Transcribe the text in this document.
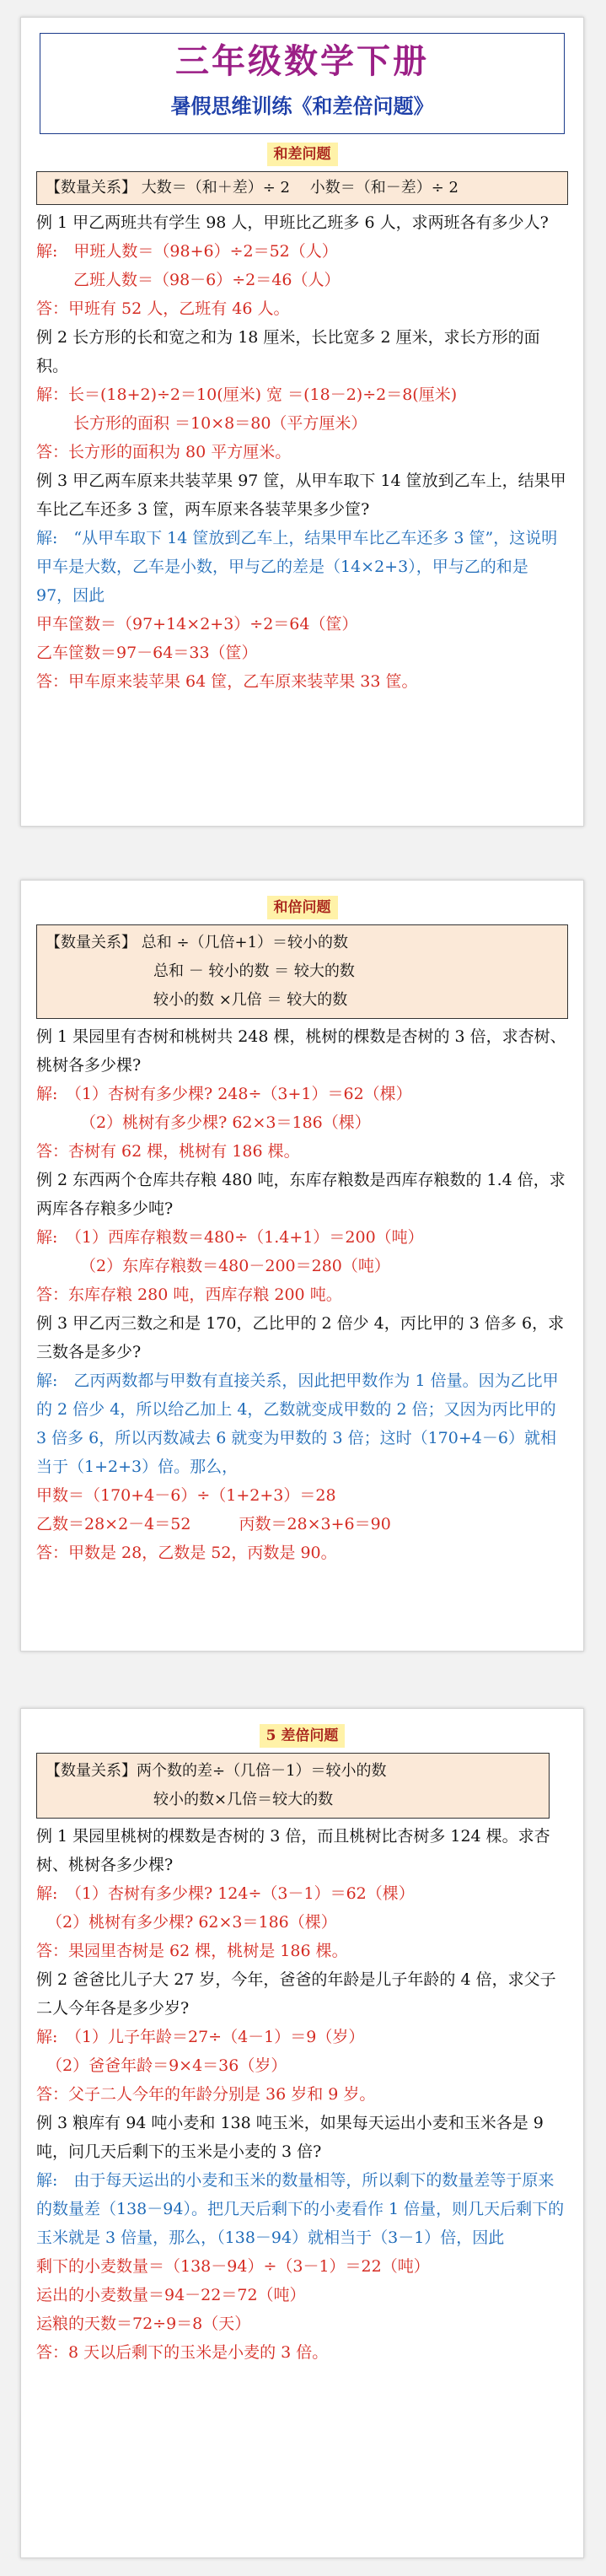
三年级数学下册
暑假思维训练《和差倍问题》
和差问题
【数量关系】 大数＝（和＋差）÷ 2　 小数＝（和－差）÷ 2
例 1 甲乙两班共有学生 98 人，甲班比乙班多 6 人，求两班各有多少人?
解:　甲班人数＝（98+6）÷2＝52（人）
乙班人数＝（98－6）÷2＝46（人）
答：甲班有 52 人，乙班有 46 人。
例 2 长方形的长和宽之和为 18 厘米，长比宽多 2 厘米，求长方形的面积。
解：长＝(18+2)÷2＝10(厘米) 宽 ＝(18－2)÷2＝8(厘米)
长方形的面积 ＝10×8＝80（平方厘米）
答：长方形的面积为 80 平方厘米。
例 3 甲乙两车原来共装苹果 97 筐，从甲车取下 14 筐放到乙车上，结果甲车比乙车还多 3 筐，两车原来各装苹果多少筐?
解:　“从甲车取下 14 筐放到乙车上，结果甲车比乙车还多 3 筐”，这说明甲车是大数，乙车是小数，甲与乙的差是（14×2+3），甲与乙的和是 97，因此
甲车筐数＝（97+14×2+3）÷2＝64（筐）
乙车筐数＝97－64＝33（筐）
答：甲车原来装苹果 64 筐，乙车原来装苹果 33 筐。
和倍问题
【数量关系】 总和 ÷（几倍+1）＝较小的数
总和 － 较小的数 ＝ 较大的数
较小的数 ×几倍 ＝ 较大的数
例 1 果园里有杏树和桃树共 248 棵，桃树的棵数是杏树的 3 倍，求杏树、桃树各多少棵?
解:　（1）杏树有多少棵? 248÷（3+1）＝62（棵）
（2）桃树有多少棵? 62×3＝186（棵）
答：杏树有 62 棵，桃树有 186 棵。
例 2 东西两个仓库共存粮 480 吨，东库存粮数是西库存粮数的 1.4 倍，求两库各存粮多少吨?
解:　（1）西库存粮数＝480÷（1.4+1）＝200（吨）
（2）东库存粮数＝480－200＝280（吨）
答：东库存粮 280 吨，西库存粮 200 吨。
例 3 甲乙丙三数之和是 170，乙比甲的 2 倍少 4，丙比甲的 3 倍多 6，求三数各是多少?
解:　乙丙两数都与甲数有直接关系，因此把甲数作为 1 倍量。因为乙比甲的 2 倍少 4，所以给乙加上 4，乙数就变成甲数的 2 倍；又因为丙比甲的 3 倍多 6，所以丙数减去 6 就变为甲数的 3 倍；这时（170+4－6）就相当于（1+2+3）倍。那么，
甲数＝（170+4－6）÷（1+2+3）＝28
乙数＝28×2－4＝52　　　丙数＝28×3+6＝90
答：甲数是 28，乙数是 52，丙数是 90。
5 差倍问题
【数量关系】两个数的差÷（几倍－1）＝较小的数
较小的数×几倍＝较大的数
例 1 果园里桃树的棵数是杏树的 3 倍，而且桃树比杏树多 124 棵。求杏树、桃树各多少棵?
解:　（1）杏树有多少棵? 124÷（3－1）＝62（棵）
（2）桃树有多少棵? 62×3＝186（棵）
答：果园里杏树是 62 棵，桃树是 186 棵。
例 2 爸爸比儿子大 27 岁，今年，爸爸的年龄是儿子年龄的 4 倍，求父子二人今年各是多少岁?
解:　（1）儿子年龄＝27÷（4－1）＝9（岁）
（2）爸爸年龄＝9×4＝36（岁）
答：父子二人今年的年龄分别是 36 岁和 9 岁。
例 3 粮库有 94 吨小麦和 138 吨玉米，如果每天运出小麦和玉米各是 9 吨，问几天后剩下的玉米是小麦的 3 倍?
解:　由于每天运出的小麦和玉米的数量相等，所以剩下的数量差等于原来的数量差（138－94）。把几天后剩下的小麦看作 1 倍量，则几天后剩下的玉米就是 3 倍量，那么，（138－94）就相当于（3－1）倍，因此
剩下的小麦数量＝（138－94）÷（3－1）＝22（吨）
运出的小麦数量＝94－22＝72（吨）
运粮的天数＝72÷9＝8（天）
答：8 天以后剩下的玉米是小麦的 3 倍。
